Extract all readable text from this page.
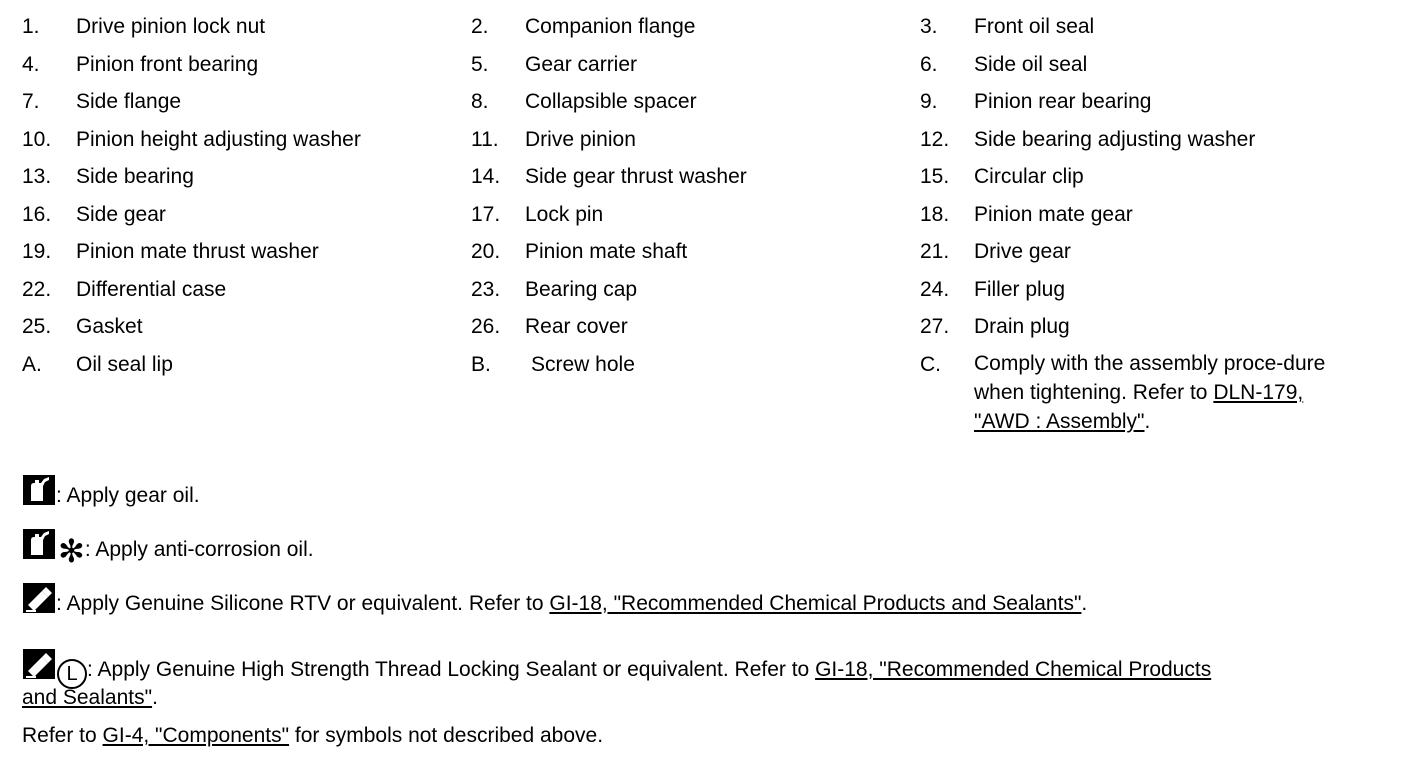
1. Drive pinion lock nut	2. Companion flange	3. Front oil seal
4. Pinion front bearing	5. Gear carrier	6. Side oil seal
7. Side flange	8. Collapsible spacer	9. Pinion rear bearing
10. Pinion height adjusting washer	11. Drive pinion	12. Side bearing adjusting washer
13. Side bearing	14. Side gear thrust washer	15. Circular clip
16. Side gear	17. Lock pin	18. Pinion mate gear
19. Pinion mate thrust washer	20. Pinion mate shaft	21. Drive gear
22. Differential case	23. Bearing cap	24. Filler plug
25. Gasket	26. Rear cover	27. Drain plug
A. Oil seal lip	B. Screw hole	C. Comply with the assembly proce-dure when tightening. Refer to DLN-179, "AWD : Assembly".
: Apply gear oil.
✻: Apply anti-corrosion oil.
: Apply Genuine Silicone RTV or equivalent. Refer to GI-18, "Recommended Chemical Products and Sealants".
L : Apply Genuine High Strength Thread Locking Sealant or equivalent. Refer to GI-18, "Recommended Chemical Products
and Sealants".
Refer to GI-4, "Components" for symbols not described above.
